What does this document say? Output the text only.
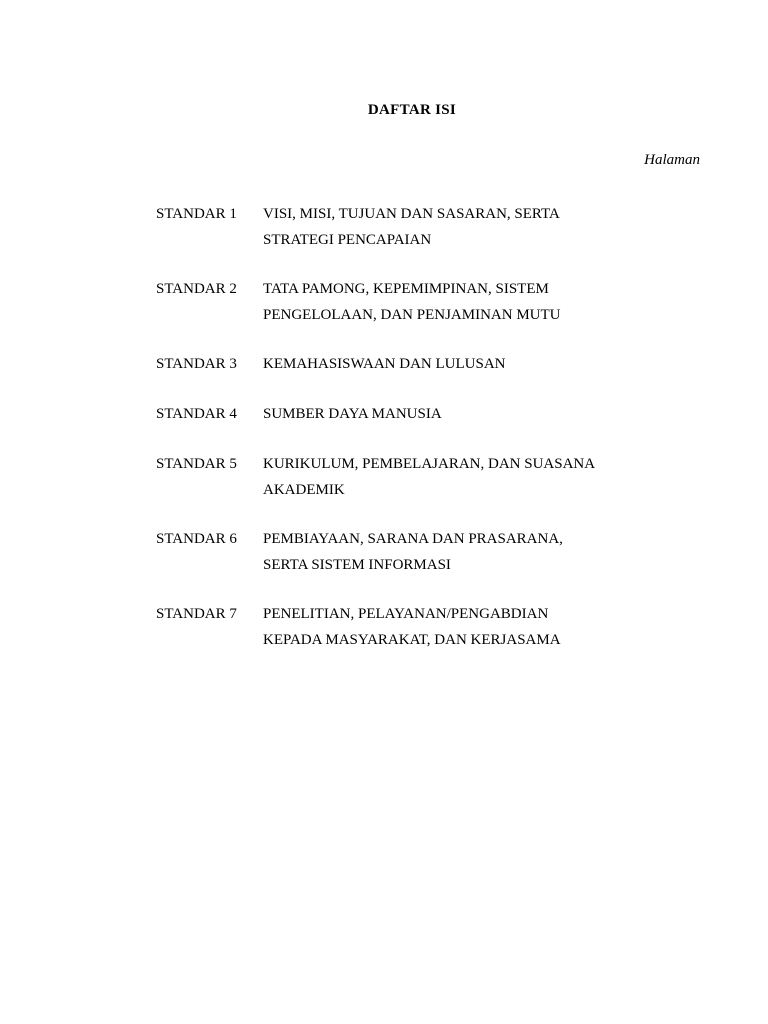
DAFTAR ISI
Halaman
STANDAR 1	VISI, MISI, TUJUAN DAN SASARAN, SERTA
STRATEGI PENCAPAIAN
STANDAR 2	TATA PAMONG, KEPEMIMPINAN, SISTEM
PENGELOLAAN, DAN PENJAMINAN MUTU
STANDAR 3	KEMAHASISWAAN DAN LULUSAN
STANDAR 4	SUMBER DAYA MANUSIA
STANDAR 5	KURIKULUM, PEMBELAJARAN, DAN SUASANA
AKADEMIK
STANDAR 6	PEMBIAYAAN, SARANA DAN PRASARANA,
SERTA SISTEM INFORMASI
STANDAR 7	PENELITIAN, PELAYANAN/PENGABDIAN
KEPADA MASYARAKAT, DAN KERJASAMA
